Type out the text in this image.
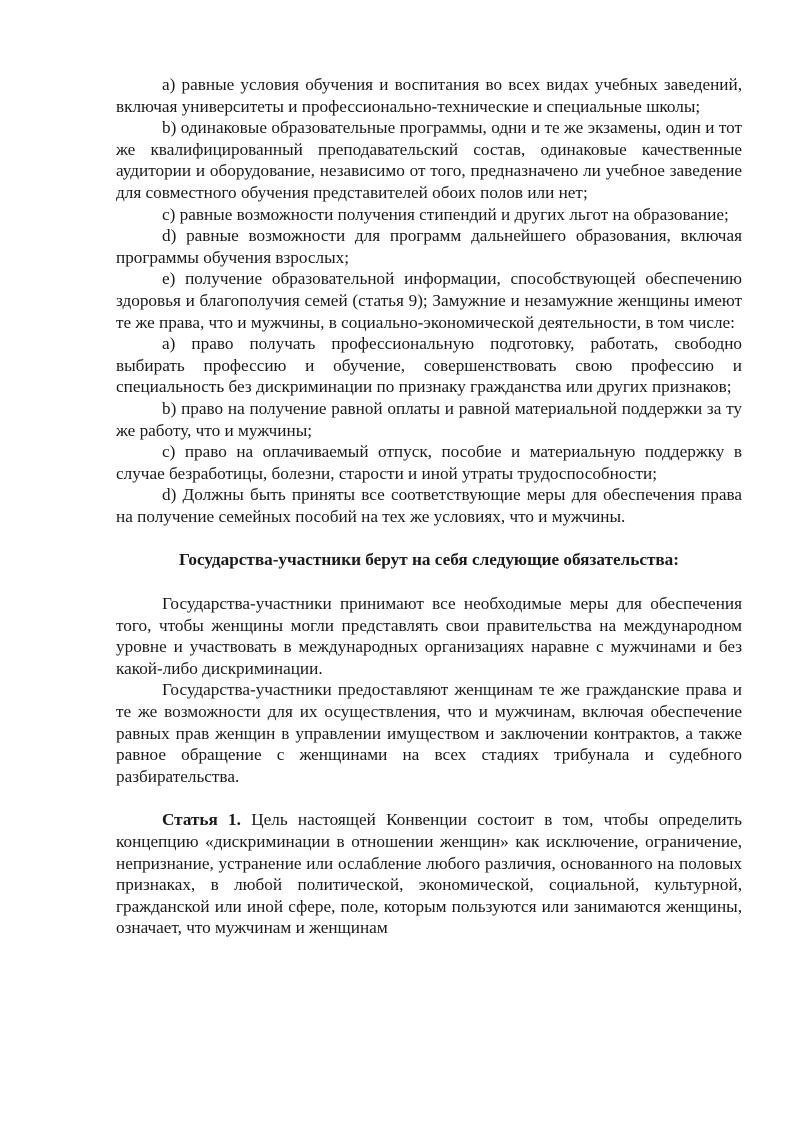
a) равные условия обучения и воспитания во всех видах учебных заведений, включая университеты и профессионально-технические и специальные школы;

b) одинаковые образовательные программы, одни и те же экзамены, один и тот же квалифицированный преподавательский состав, одинаковые качественные аудитории и оборудование, независимо от того, предназначено ли учебное заведение для совместного обучения представителей обоих полов или нет;

c) равные возможности получения стипендий и других льгот на образование;

d) равные возможности для программ дальнейшего образования, включая программы обучения взрослых;

e) получение образовательной информации, способствующей обеспечению здоровья и благополучия семей (статья 9); Замужние и незамужние женщины имеют те же права, что и мужчины, в социально-экономической деятельности, в том числе:

a) право получать профессиональную подготовку, работать, свободно выбирать профессию и обучение, совершенствовать свою профессию и специальность без дискриминации по признаку гражданства или других признаков;

b) право на получение равной оплаты и равной материальной поддержки за ту же работу, что и мужчины;

c) право на оплачиваемый отпуск, пособие и материальную поддержку в случае безработицы, болезни, старости и иной утраты трудоспособности;

d) Должны быть приняты все соответствующие меры для обеспечения права на получение семейных пособий на тех же условиях, что и мужчины.

Государства-участники берут на себя следующие обязательства:

Государства-участники принимают все необходимые меры для обеспечения того, чтобы женщины могли представлять свои правительства на международном уровне и участвовать в международных организациях наравне с мужчинами и без какой-либо дискриминации.

Государства-участники предоставляют женщинам те же гражданские права и те же возможности для их осуществления, что и мужчинам, включая обеспечение равных прав женщин в управлении имуществом и заключении контрактов, а также равное обращение с женщинами на всех стадиях трибунала и судебного разбирательства.

Статья 1. Цель настоящей Конвенции состоит в том, чтобы определить концепцию «дискриминации в отношении женщин» как исключение, ограничение, непризнание, устранение или ослабление любого различия, основанного на половых признаках, в любой политической, экономической, социальной, культурной, гражданской или иной сфере, поле, которым пользуются или занимаются женщины, означает, что мужчинам и женщинам
